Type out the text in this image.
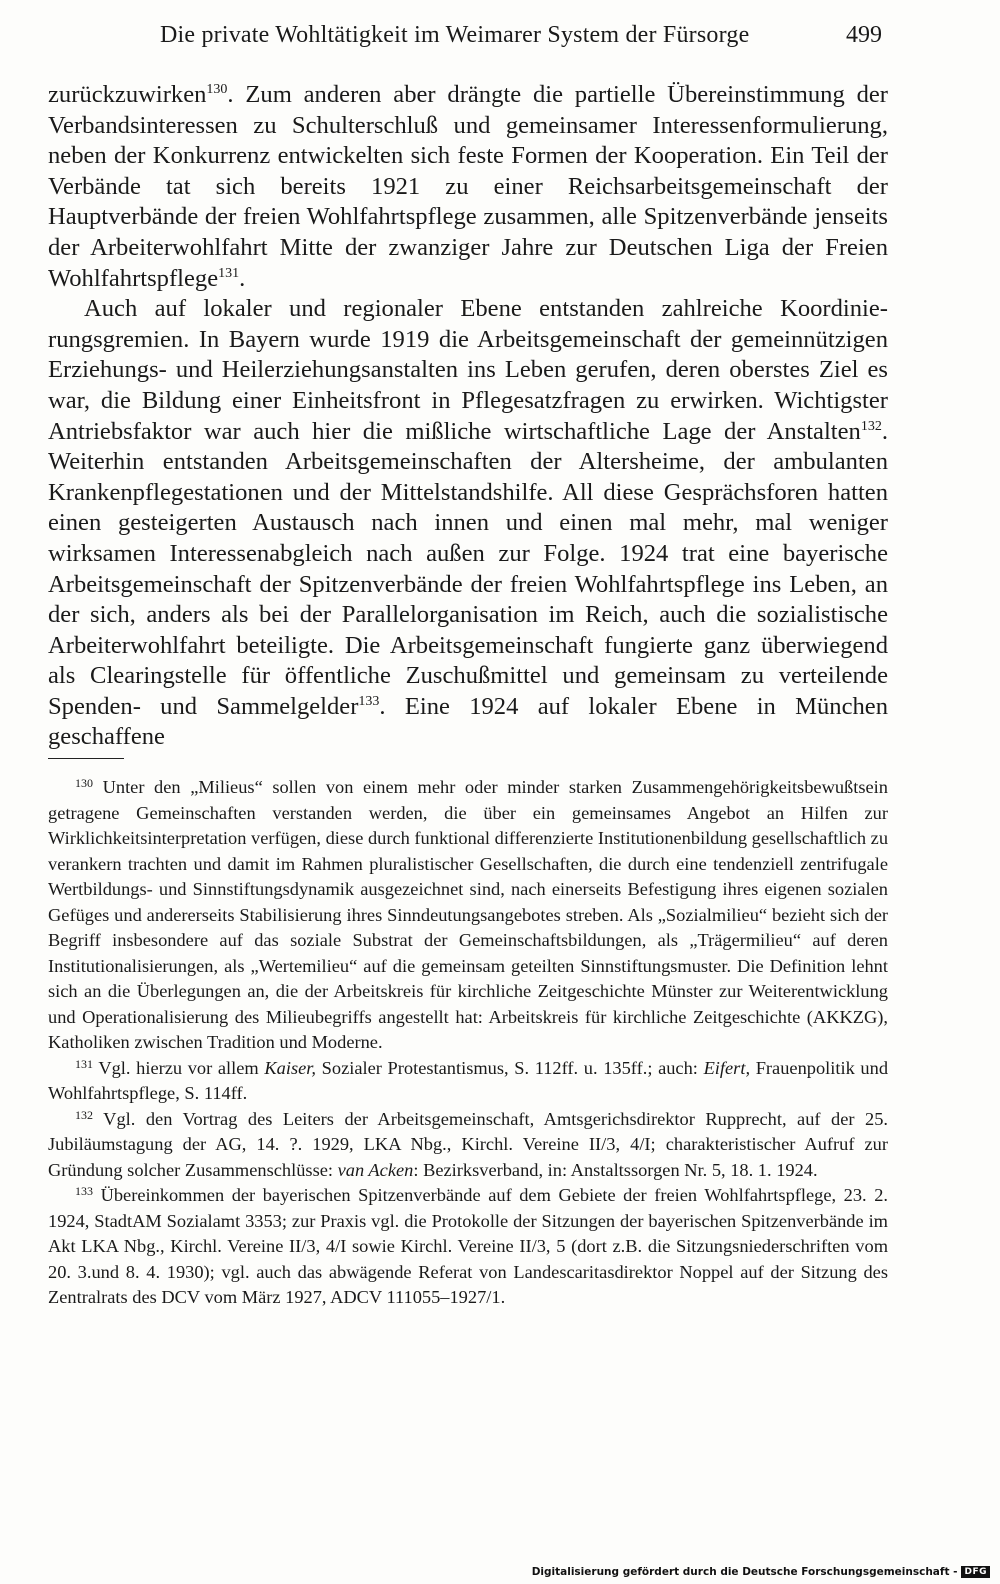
Die private Wohltätigkeit im Weimarer System der Fürsorge	499

zurückzuwirken$^{130}$. Zum anderen aber drängte die partielle Übereinstimmung der Verbandsinteressen zu Schulterschluß und gemeinsamer Interessenformulierung, neben der Konkurrenz entwickelten sich feste Formen der Kooperation. Ein Teil der Verbände tat sich bereits 1921 zu einer Reichsarbeitsgemeinschaft der Hauptverbände der freien Wohlfahrtspflege zusammen, alle Spitzenverbände jenseits der Arbeiterwohlfahrt Mitte der zwanziger Jahre zur Deutschen Liga der Freien Wohlfahrtspflege$^{131}$.

Auch auf lokaler und regionaler Ebene entstanden zahlreiche Koordinierungsgremien. In Bayern wurde 1919 die Arbeitsgemeinschaft der gemeinnützigen Erziehungs- und Heilerziehungsanstalten ins Leben gerufen, deren oberstes Ziel es war, die Bildung einer Einheitsfront in Pflegesatzfragen zu erwirken. Wichtigster Antriebsfaktor war auch hier die mißliche wirtschaftliche Lage der Anstalten$^{132}$. Weiterhin entstanden Arbeitsgemeinschaften der Altersheime, der ambulanten Krankenpflegestationen und der Mittelstandshilfe. All diese Gesprächsforen hatten einen gesteigerten Austausch nach innen und einen mal mehr, mal weniger wirksamen Interessenabgleich nach außen zur Folge. 1924 trat eine bayerische Arbeitsgemeinschaft der Spitzenverbände der freien Wohlfahrtspflege ins Leben, an der sich, anders als bei der Parallelorganisation im Reich, auch die sozialistische Arbeiterwohlfahrt beteiligte. Die Arbeitsgemeinschaft fungierte ganz überwiegend als Clearingstelle für öffentliche Zuschußmittel und gemeinsam zu verteilende Spenden- und Sammelgelder$^{133}$. Eine 1924 auf lokaler Ebene in München geschaffene

$^{130}$ Unter den „Milieus“ sollen von einem mehr oder minder starken Zusammengehörigkeitsbewußtsein getragene Gemeinschaften verstanden werden, die über ein gemeinsames Angebot an Hilfen zur Wirklichkeitsinterpretation verfügen, diese durch funktional differenzierte Institutionenbildung gesellschaftlich zu verankern trachten und damit im Rahmen pluralistischer Gesellschaften, die durch eine tendenziell zentrifugale Wertbildungs- und Sinnstiftungsdynamik ausgezeichnet sind, nach einerseits Befestigung ihres eigenen sozialen Gefüges und andererseits Stabilisierung ihres Sinndeutungsangebotes streben. Als „Sozialmilieu“ bezieht sich der Begriff insbesondere auf das soziale Substrat der Gemeinschaftsbildungen, als „Trägermilieu“ auf deren Institutionalisierungen, als „Wertemilieu“ auf die gemeinsam geteilten Sinnstiftungsmuster. Die Definition lehnt sich an die Überlegungen an, die der Arbeitskreis für kirchliche Zeitgeschichte Münster zur Weiterentwicklung und Operationalisierung des Milieubegriffs angestellt hat: Arbeitskreis für kirchliche Zeitgeschichte (AKKZG), Katholiken zwischen Tradition und Moderne.

$^{131}$ Vgl. hierzu vor allem Kaiser, Sozialer Protestantismus, S. 112ff. u. 135ff.; auch: Eifert, Frauenpolitik und Wohlfahrtspflege, S. 114ff.

$^{132}$ Vgl. den Vortrag des Leiters der Arbeitsgemeinschaft, Amtsgerichsdirektor Rupprecht, auf der 25. Jubiläumstagung der AG, 14. ?. 1929, LKA Nbg., Kirchl. Vereine II/3, 4/I; charakteristischer Aufruf zur Gründung solcher Zusammenschlüsse: van Acken: Bezirksverband, in: Anstaltssorgen Nr. 5, 18. 1. 1924.

$^{133}$ Übereinkommen der bayerischen Spitzenverbände auf dem Gebiete der freien Wohlfahrtspflege, 23. 2. 1924, StadtAM Sozialamt 3353; zur Praxis vgl. die Protokolle der Sitzungen der bayerischen Spitzenverbände im Akt LKA Nbg., Kirchl. Vereine II/3, 4/I sowie Kirchl. Vereine II/3, 5 (dort z.B. die Sitzungsniederschriften vom 20. 3.und 8. 4. 1930); vgl. auch das abwägende Referat von Landescaritasdirektor Noppel auf der Sitzung des Zentralrats des DCV vom März 1927, ADCV 111055–1927/1.

Digitalisierung gefördert durch die Deutsche Forschungsgemeinschaft - DFG
